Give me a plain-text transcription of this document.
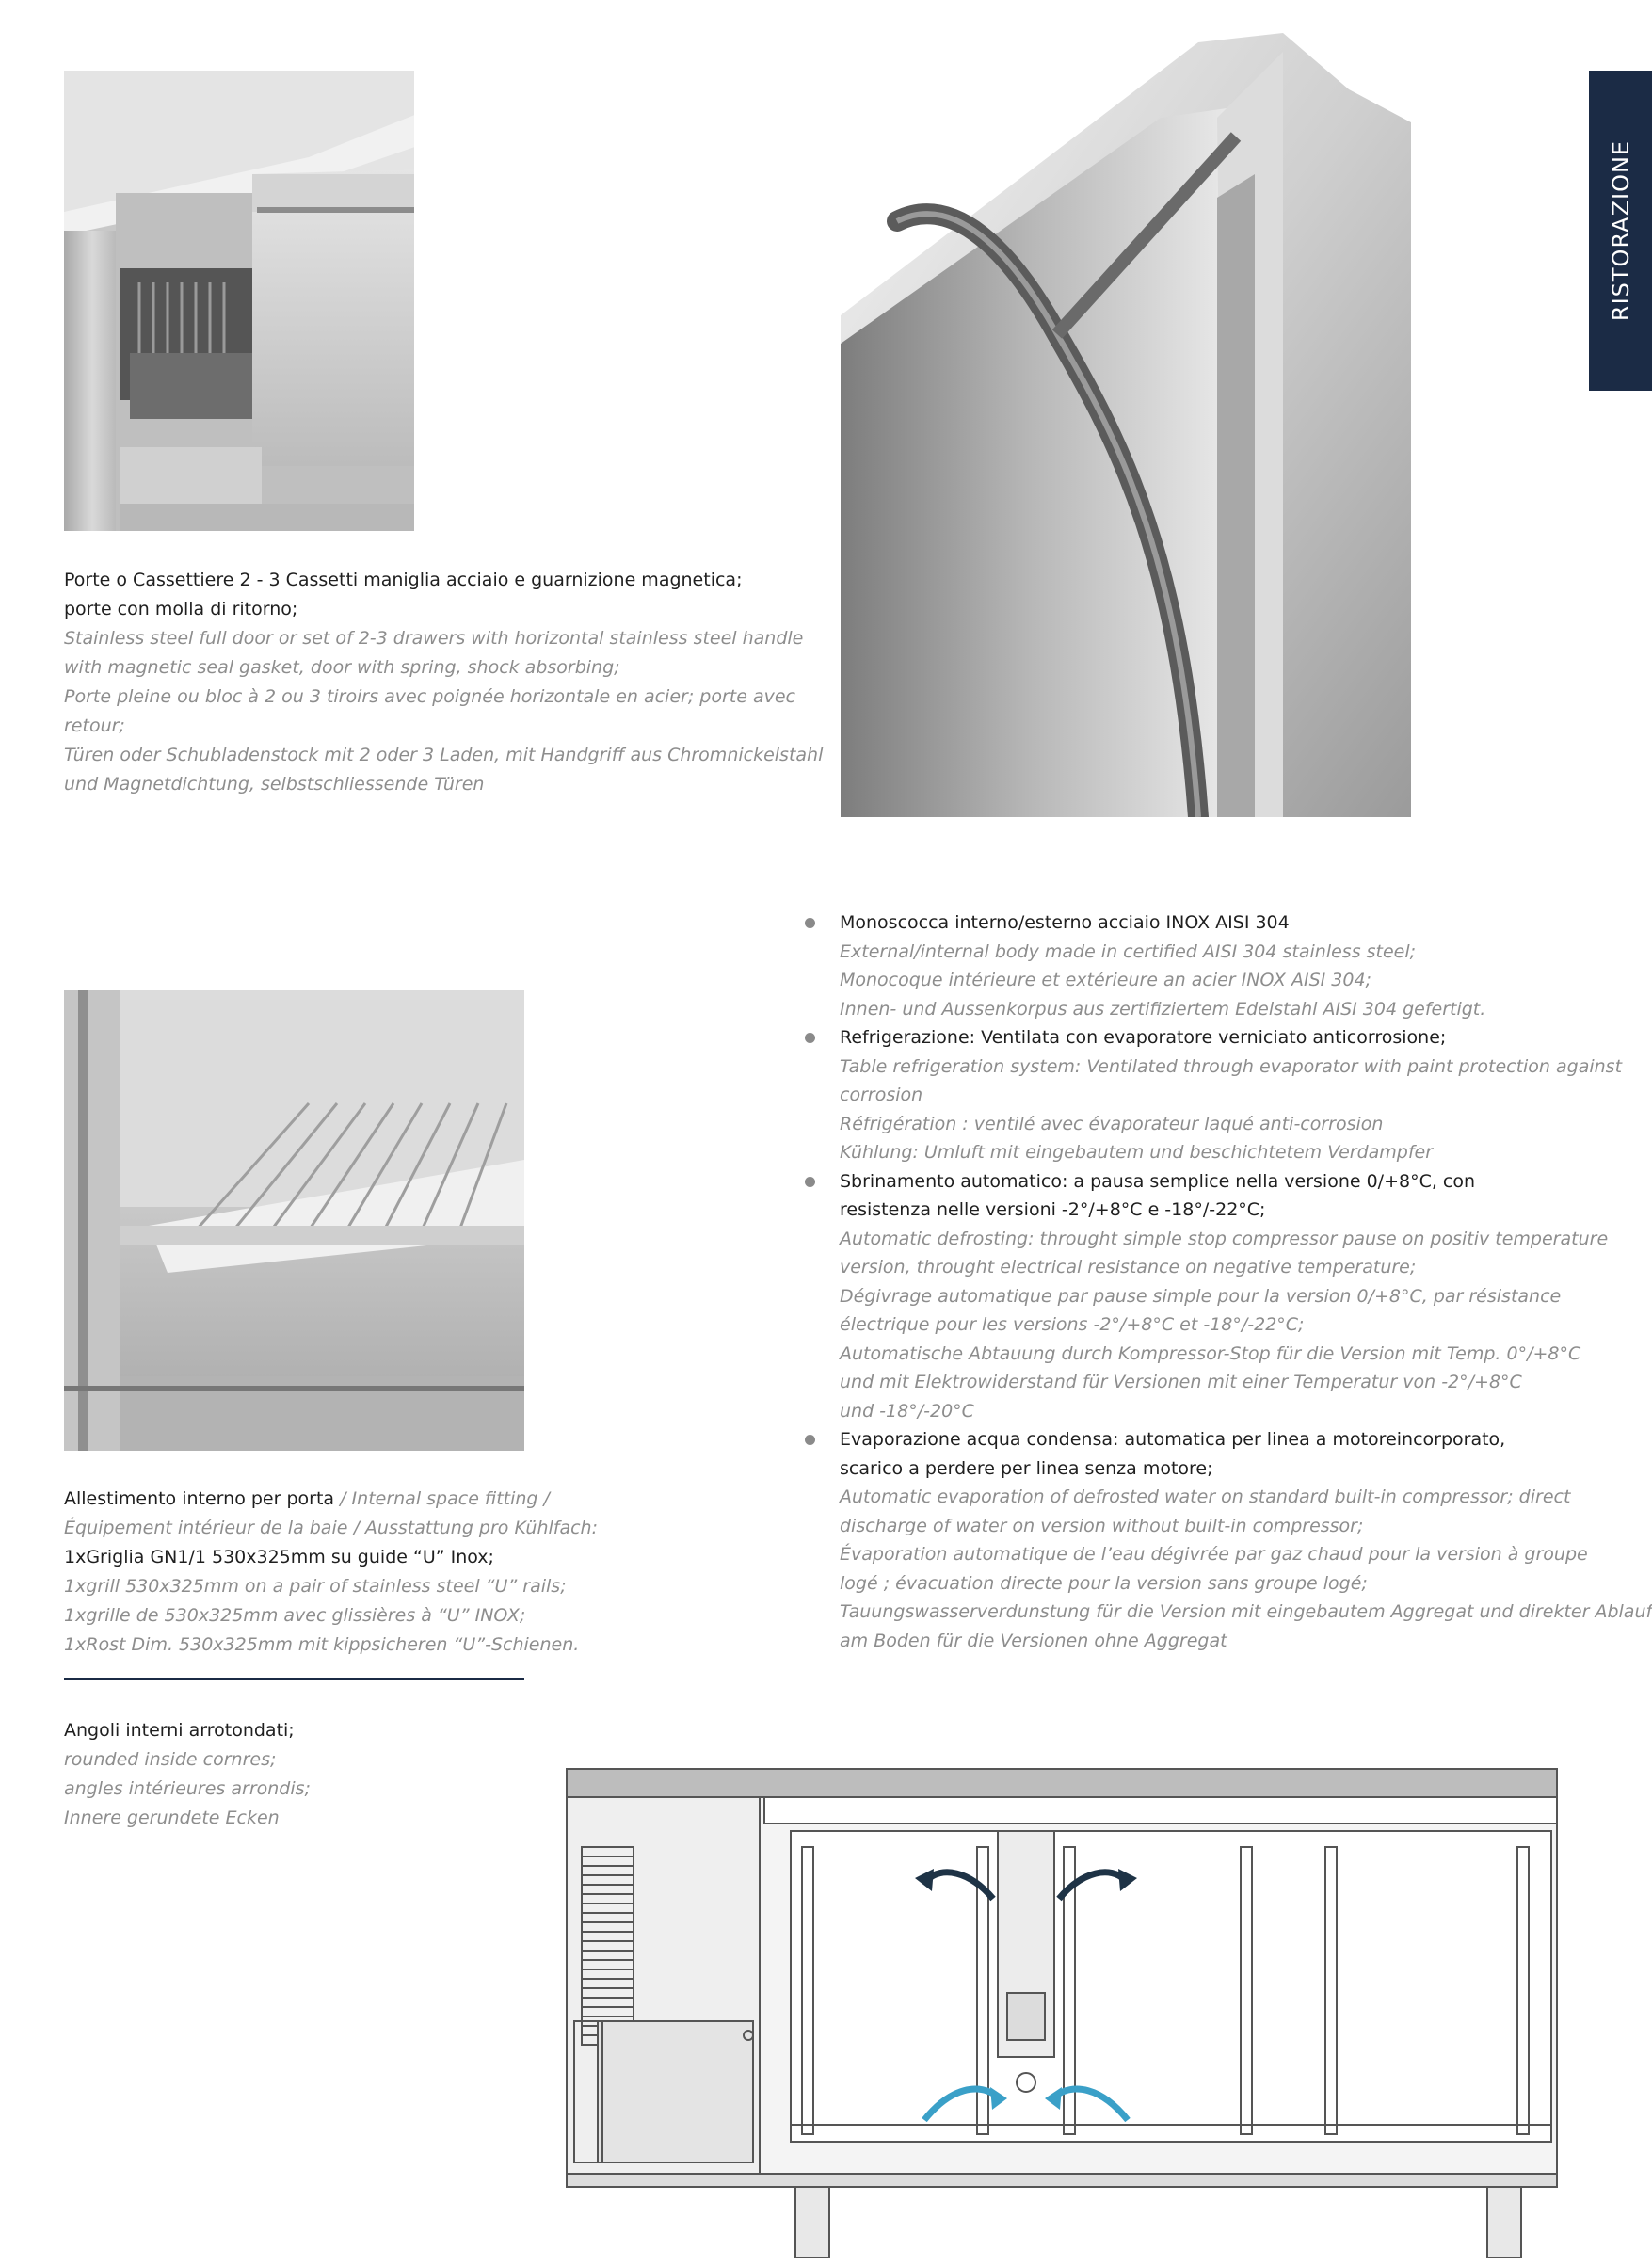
RISTORAZIONE
Porte o Cassettiere 2 - 3 Cassetti maniglia acciaio e guarnizione magnetica;
porte con molla di ritorno;
Stainless steel full door or set of 2-3 drawers with horizontal stainless steel handle
with magnetic seal gasket, door with spring, shock absorbing;
Porte pleine ou bloc à 2 ou 3 tiroirs avec poignée horizontale en acier; porte avec
retour;
Türen oder Schubladenstock mit 2 oder 3 Laden, mit Handgriff aus Chromnickelstahl
und Magnetdichtung, selbstschliessende Türen
Allestimento interno per porta / Internal space fitting /
Équipement intérieur de la baie / Ausstattung pro Kühlfach:
1xGriglia GN1/1 530x325mm su guide “U” Inox;
1xgrill 530x325mm on a pair of stainless steel “U” rails;
1xgrille de 530x325mm avec glissières à “U” INOX;
1xRost Dim. 530x325mm mit kippsicheren “U”-Schienen.
Angoli interni arrotondati;
rounded inside cornres;
angles intérieures arrondis;
Innere gerundete Ecken
Monoscocca interno/esterno acciaio INOX AISI 304
External/internal body made in certified AISI 304 stainless steel;
Monocoque intérieure et extérieure an acier INOX AISI 304;
Innen- und Aussenkorpus aus zertifiziertem Edelstahl AISI 304 gefertigt.
Refrigerazione: Ventilata con evaporatore verniciato anticorrosione;
Table refrigeration system: Ventilated through evaporator with paint protection against
corrosion
Réfrigération : ventilé avec évaporateur laqué anti-corrosion
Kühlung: Umluft mit eingebautem und beschichtetem Verdampfer
Sbrinamento automatico: a pausa semplice nella versione 0/+8°C, con
resistenza nelle versioni -2°/+8°C e -18°/-22°C;
Automatic defrosting: throught simple stop compressor pause on positiv temperature
version, throught electrical resistance on negative temperature;
Dégivrage automatique par pause simple pour la version 0/+8°C, par résistance
électrique pour les versions -2°/+8°C et -18°/-22°C;
Automatische Abtauung durch Kompressor-Stop für die Version mit Temp. 0°/+8°C
und mit Elektrowiderstand für Versionen mit einer Temperatur von -2°/+8°C
und -18°/-20°C
Evaporazione acqua condensa: automatica per linea a motoreincorporato,
scarico a perdere per linea senza motore;
Automatic evaporation of defrosted water on standard built-in compressor; direct
discharge of water on version without built-in compressor;
Évaporation automatique de l’eau dégivrée par gaz chaud pour la version à groupe
logé ; évacuation directe pour la version sans groupe logé;
Tauungswasserverdunstung für die Version mit eingebautem Aggregat und direkter Ablauf
am Boden für die Versionen ohne Aggregat
